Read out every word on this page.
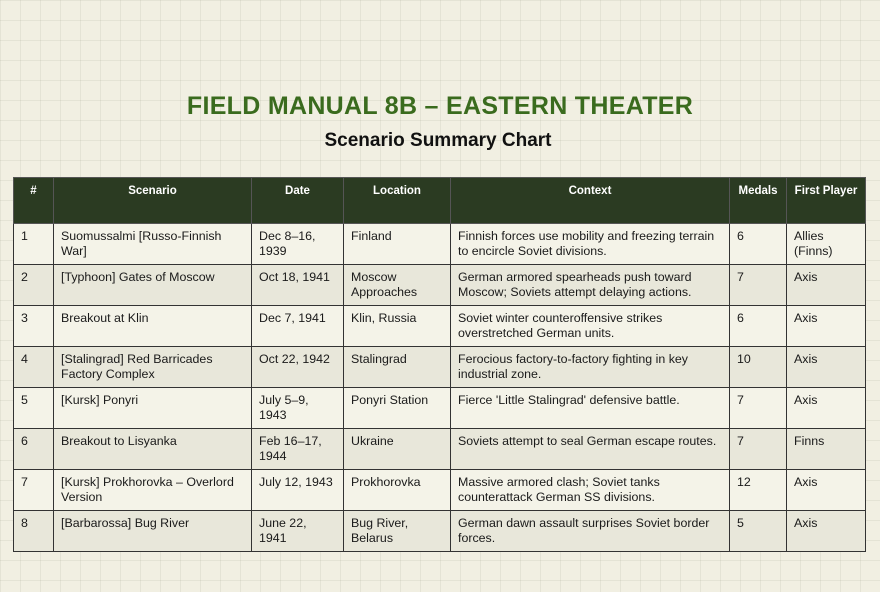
FIELD MANUAL 8B – EASTERN THEATER
Scenario Summary Chart
#	Scenario	Date	Location	Context	Medals	First Player
1	Suomussalmi [Russo-Finnish War]	Dec 8–16, 1939	Finland	Finnish forces use mobility and freezing terrain to encircle Soviet divisions.	6	Allies (Finns)
2	[Typhoon] Gates of Moscow	Oct 18, 1941	Moscow Approaches	German armored spearheads push toward Moscow; Soviets attempt delaying actions.	7	Axis
3	Breakout at Klin	Dec 7, 1941	Klin, Russia	Soviet winter counteroffensive strikes overstretched German units.	6	Axis
4	[Stalingrad] Red Barricades Factory Complex	Oct 22, 1942	Stalingrad	Ferocious factory-to-factory fighting in key industrial zone.	10	Axis
5	[Kursk] Ponyri	July 5–9, 1943	Ponyri Station	Fierce 'Little Stalingrad' defensive battle.	7	Axis
6	Breakout to Lisyanka	Feb 16–17, 1944	Ukraine	Soviets attempt to seal German escape routes.	7	Finns
7	[Kursk] Prokhorovka – Overlord Version	July 12, 1943	Prokhorovka	Massive armored clash; Soviet tanks counterattack German SS divisions.	12	Axis
8	[Barbarossa] Bug River	June 22, 1941	Bug River, Belarus	German dawn assault surprises Soviet border forces.	5	Axis
